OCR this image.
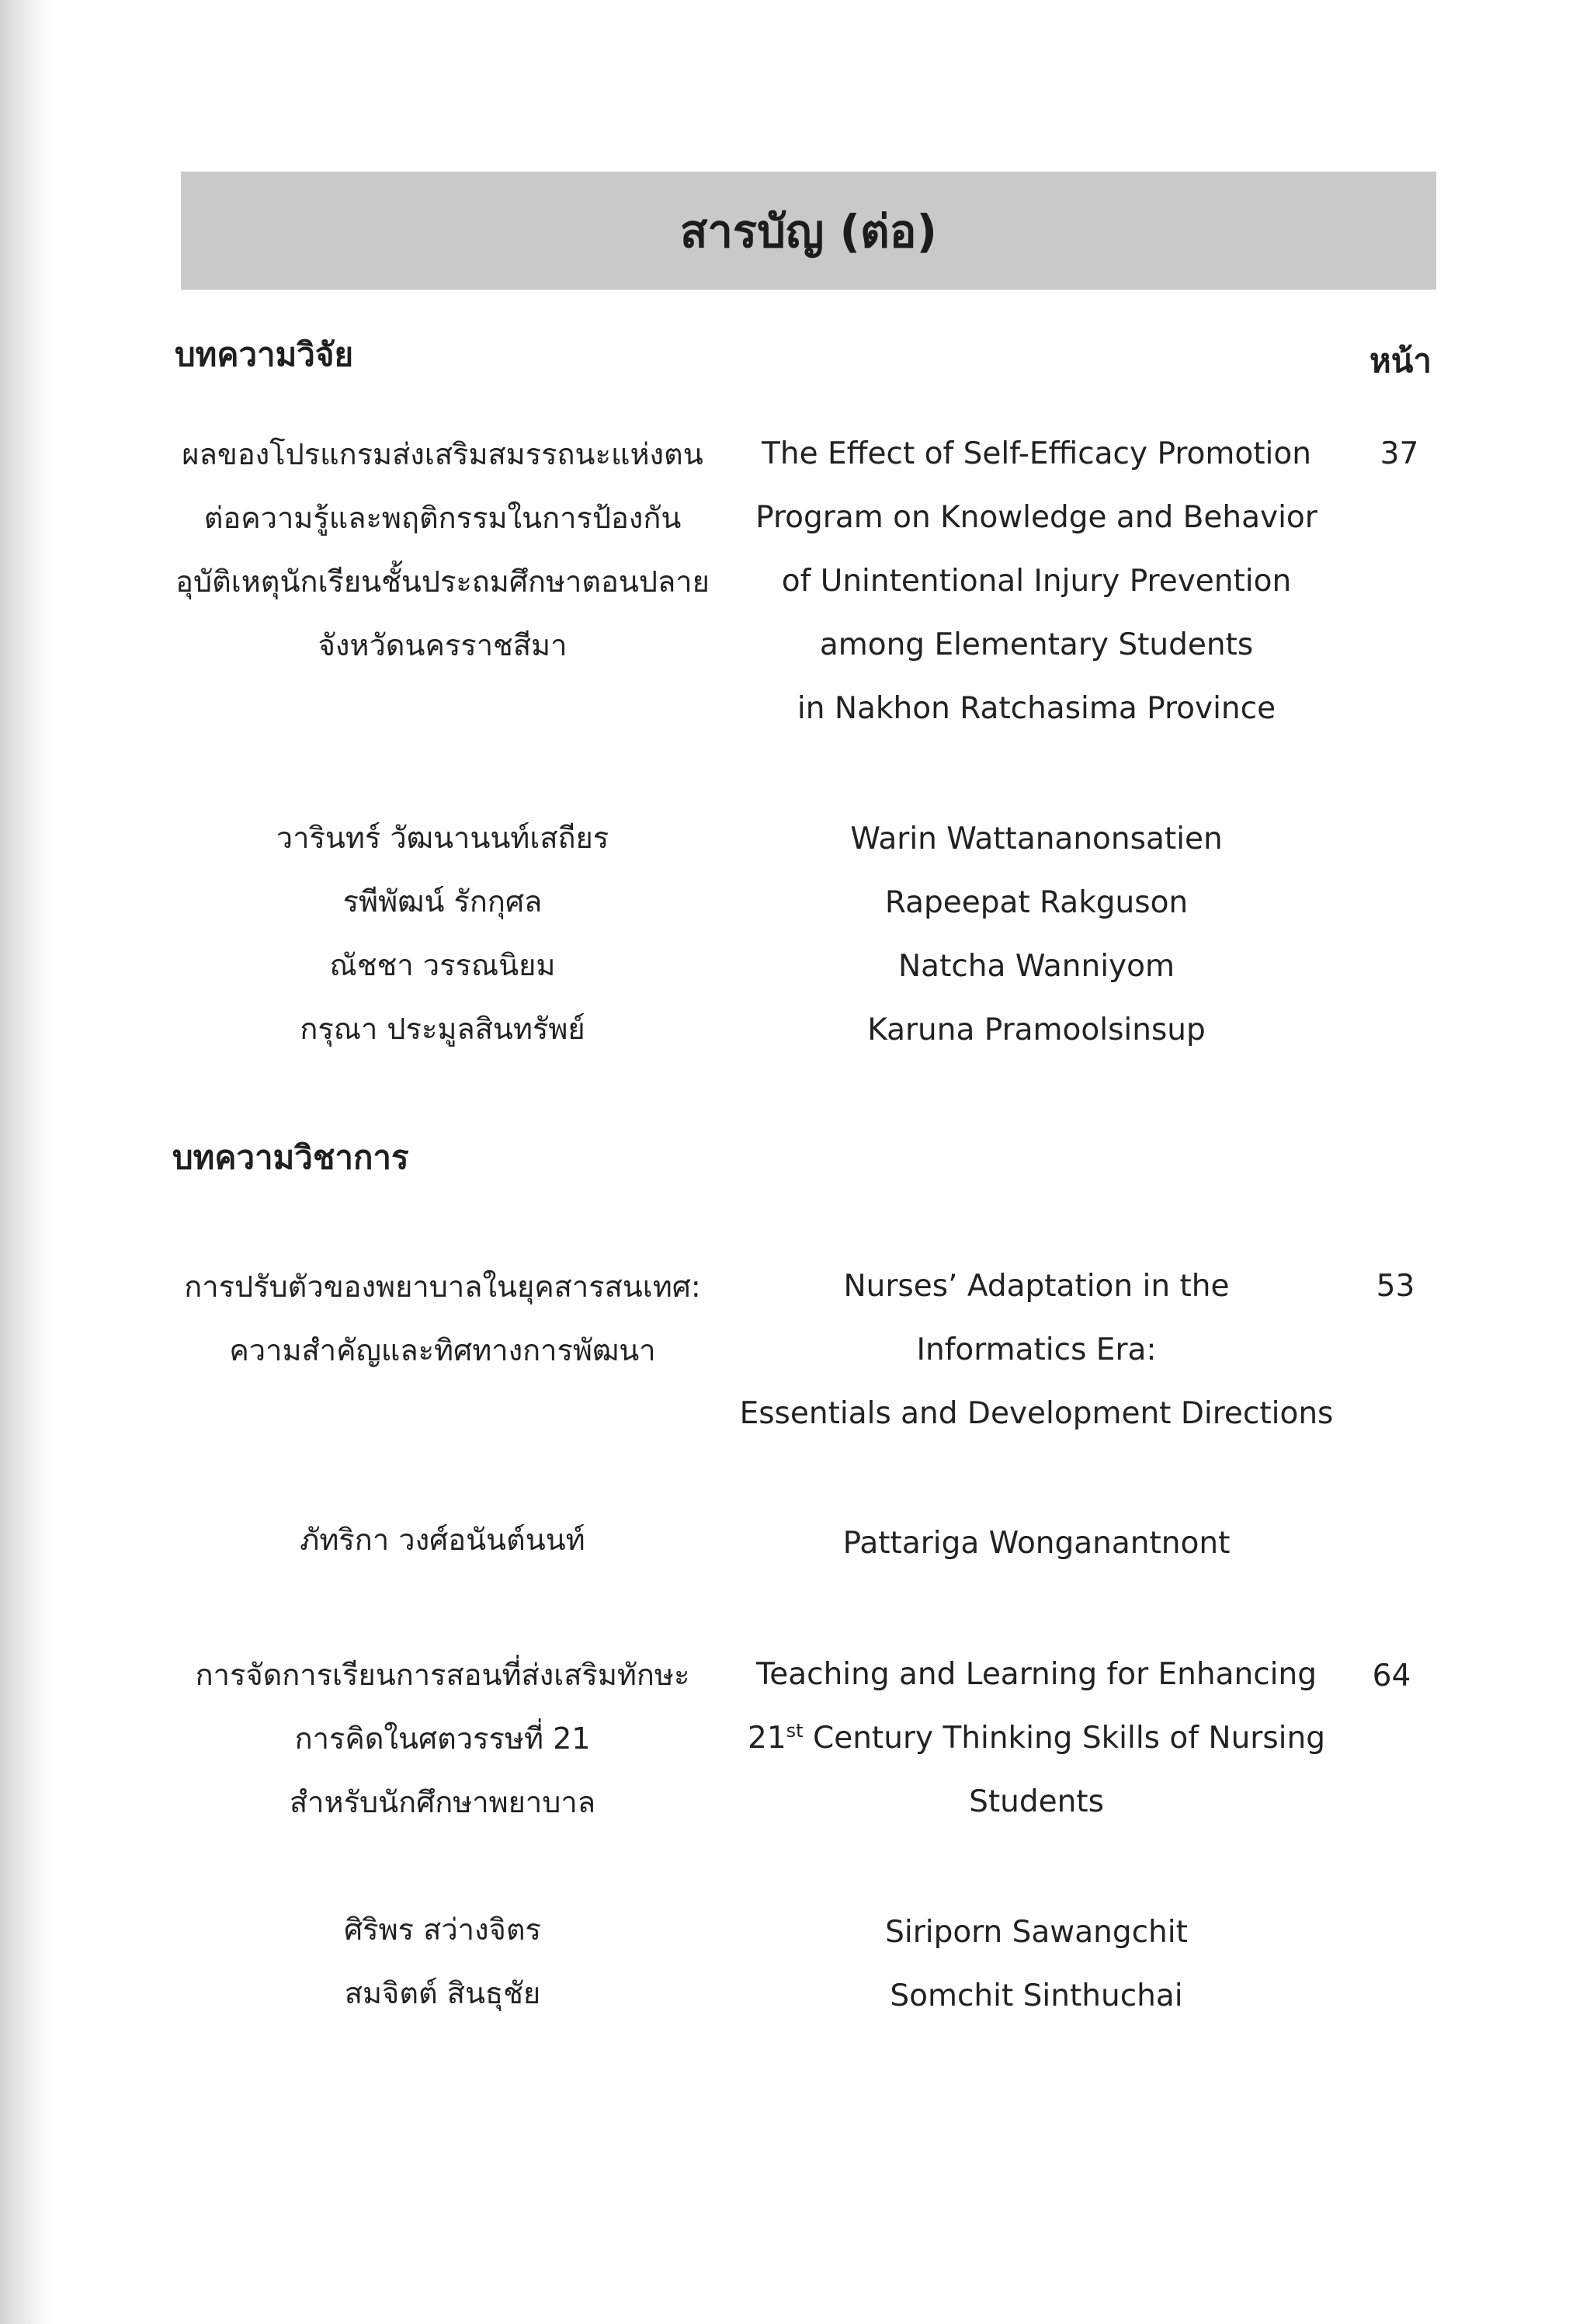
สารบัญ (ต่อ)
บทความวิจัย	หน้า
ผลของโปรแกรมส่งเสริมสมรรถนะแห่งตน
ต่อความรู้และพฤติกรรมในการป้องกัน
อุบัติเหตุนักเรียนชั้นประถมศึกษาตอนปลาย
จังหวัดนครราชสีมา
The Effect of Self-Efficacy Promotion
Program on Knowledge and Behavior
of Unintentional Injury Prevention
among Elementary Students
in Nakhon Ratchasima Province
37
วารินทร์ วัฒนานนท์เสถียร
รพีพัฒน์ รักกุศล
ณัชชา วรรณนิยม
กรุณา ประมูลสินทรัพย์
Warin Wattananonsatien
Rapeepat Rakguson
Natcha Wanniyom
Karuna Pramoolsinsup
บทความวิชาการ
การปรับตัวของพยาบาลในยุคสารสนเทศ:
ความสำคัญและทิศทางการพัฒนา
Nurses’ Adaptation in the
Informatics Era:
Essentials and Development Directions
53
ภัทริกา วงศ์อนันต์นนท์	Pattariga Wonganantnont
การจัดการเรียนการสอนที่ส่งเสริมทักษะ
การคิดในศตวรรษที่ 21
สำหรับนักศึกษาพยาบาล
Teaching and Learning for Enhancing
21st Century Thinking Skills of Nursing
Students
64
ศิริพร สว่างจิตร
สมจิตต์ สินธุชัย
Siriporn Sawangchit
Somchit Sinthuchai
